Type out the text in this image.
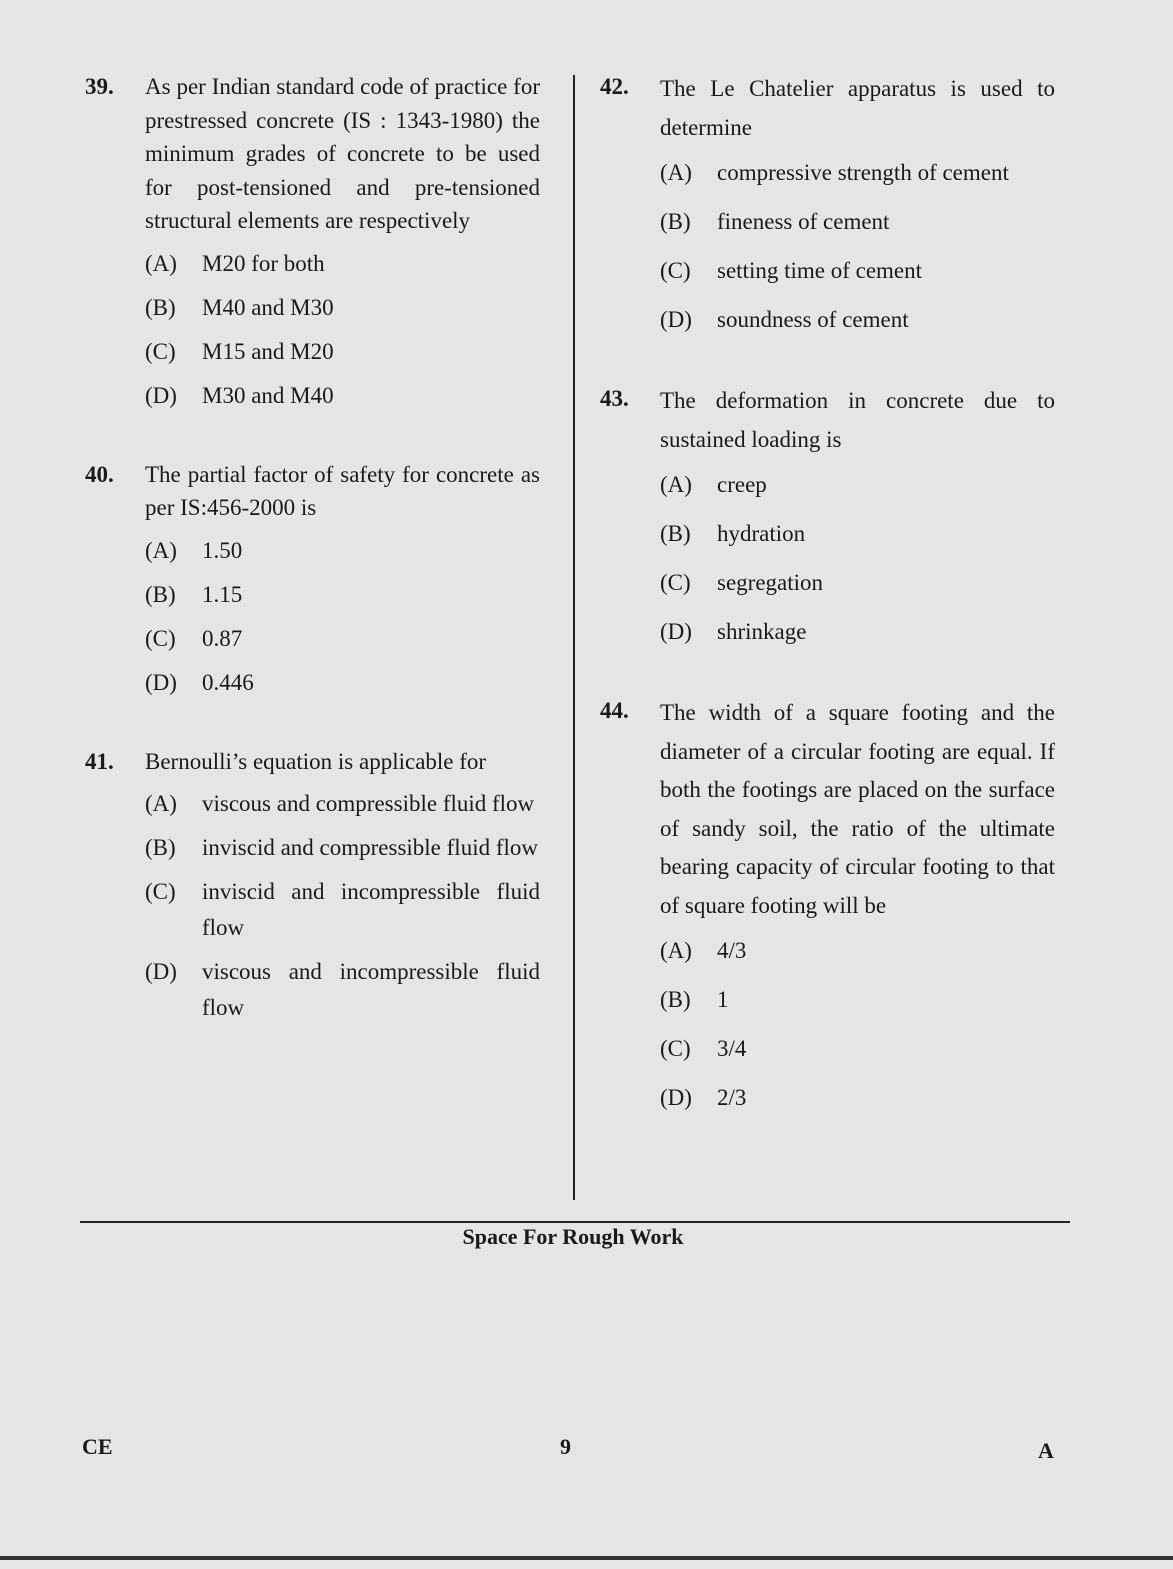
39. As per Indian standard code of practice for prestressed concrete (IS : 1343-1980) the minimum grades of concrete to be used for post-tensioned and pre-tensioned structural elements are respectively
(A)	M20 for both
(B)	M40 and M30
(C)	M15 and M20
(D)	M30 and M40
40. The partial factor of safety for concrete as per IS:456-2000 is
(A)	1.50
(B)	1.15
(C)	0.87
(D)	0.446
41. Bernoulli’s equation is applicable for
(A)	viscous and compressible fluid flow
(B)	inviscid and compressible fluid flow
(C)	inviscid and incompressible fluid flow
(D)	viscous and incompressible fluid flow
42. The Le Chatelier apparatus is used to determine
(A)	compressive strength of cement
(B)	fineness of cement
(C)	setting time of cement
(D)	soundness of cement
43. The deformation in concrete due to sustained loading is
(A)	creep
(B)	hydration
(C)	segregation
(D)	shrinkage
44. The width of a square footing and the diameter of a circular footing are equal. If both the footings are placed on the surface of sandy soil, the ratio of the ultimate bearing capacity of circular footing to that of square footing will be
(A)	4/3
(B)	1
(C)	3/4
(D)	2/3
Space For Rough Work
CE	9	A
